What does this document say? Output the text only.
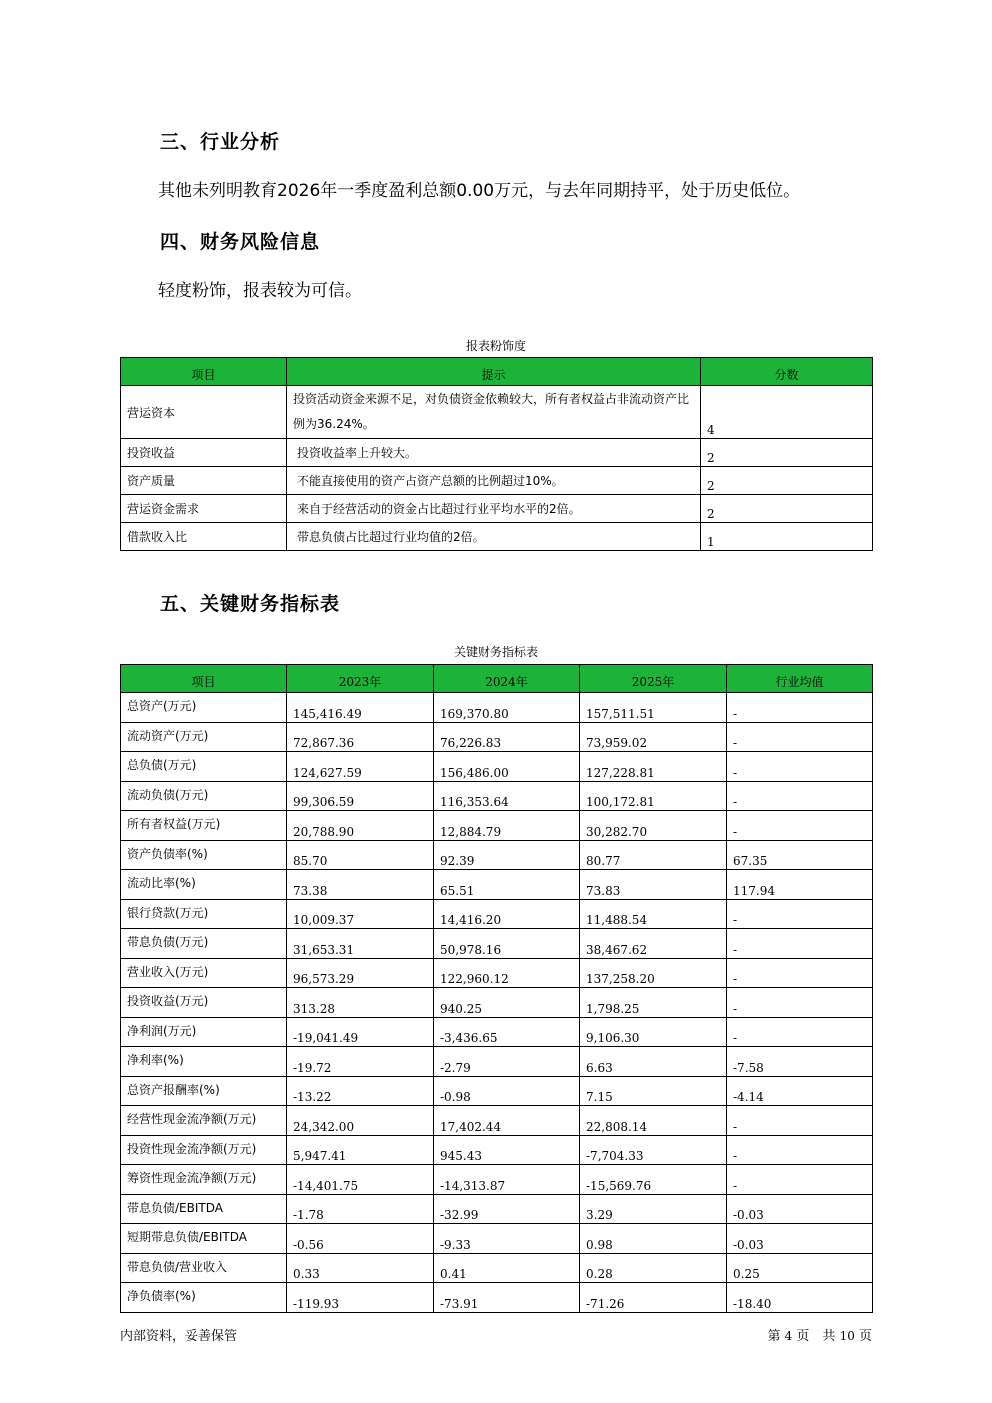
三、行业分析
其他未列明教育2026年一季度盈利总额0.00万元，与去年同期持平，处于历史低位。
四、财务风险信息
轻度粉饰，报表较为可信。
报表粉饰度
项目	提示	分数
营运资本	投资活动资金来源不足，对负债资金依赖较大，所有者权益占非流动资产比例为36.24%。	4
投资收益	投资收益率上升较大。	2
资产质量	不能直接使用的资产占资产总额的比例超过10%。	2
营运资金需求	来自于经营活动的资金占比超过行业平均水平的2倍。	2
借款收入比	带息负债占比超过行业均值的2倍。	1
五、关键财务指标表
关键财务指标表
项目	2023年	2024年	2025年	行业均值
总资产(万元)	145,416.49	169,370.80	157,511.51	-
流动资产(万元)	72,867.36	76,226.83	73,959.02	-
总负债(万元)	124,627.59	156,486.00	127,228.81	-
流动负债(万元)	99,306.59	116,353.64	100,172.81	-
所有者权益(万元)	20,788.90	12,884.79	30,282.70	-
资产负债率(%)	85.70	92.39	80.77	67.35
流动比率(%)	73.38	65.51	73.83	117.94
银行贷款(万元)	10,009.37	14,416.20	11,488.54	-
带息负债(万元)	31,653.31	50,978.16	38,467.62	-
营业收入(万元)	96,573.29	122,960.12	137,258.20	-
投资收益(万元)	313.28	940.25	1,798.25	-
净利润(万元)	-19,041.49	-3,436.65	9,106.30	-
净利率(%)	-19.72	-2.79	6.63	-7.58
总资产报酬率(%)	-13.22	-0.98	7.15	-4.14
经营性现金流净额(万元)	24,342.00	17,402.44	22,808.14	-
投资性现金流净额(万元)	5,947.41	945.43	-7,704.33	-
筹资性现金流净额(万元)	-14,401.75	-14,313.87	-15,569.76	-
带息负债/EBITDA	-1.78	-32.99	3.29	-0.03
短期带息负债/EBITDA	-0.56	-9.33	0.98	-0.03
带息负债/营业收入	0.33	0.41	0.28	0.25
净负债率(%)	-119.93	-73.91	-71.26	-18.40
内部资料，妥善保管	第 4 页　共 10 页
